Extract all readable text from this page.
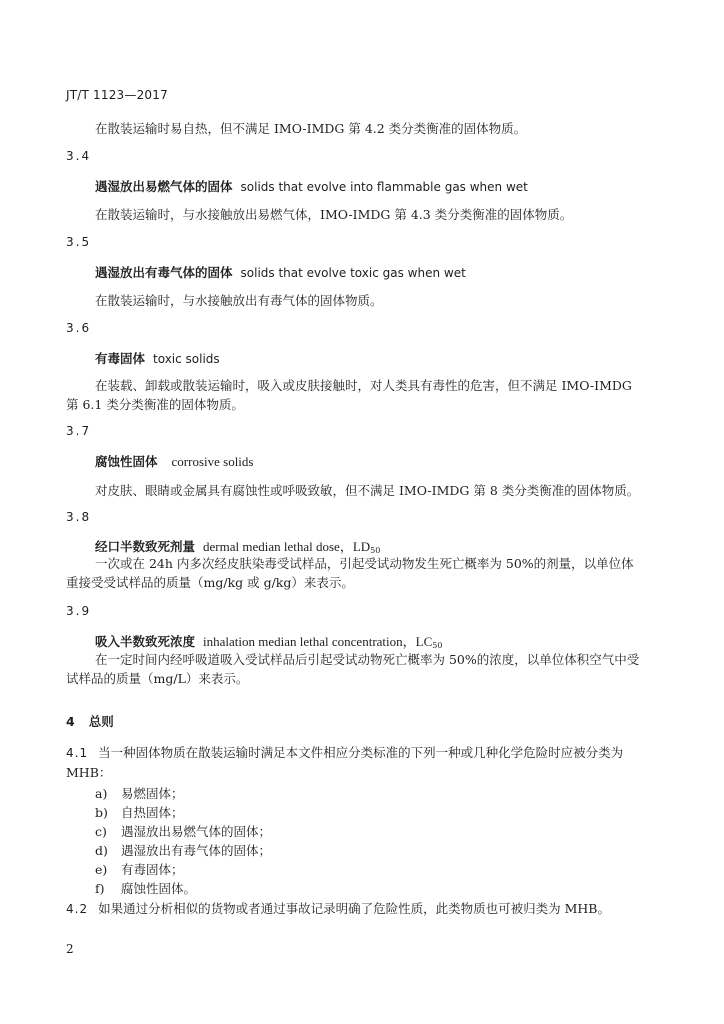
JT/T 1123—2017
在散装运输时易自热，但不满足 IMO-IMDG 第 4.2 类分类衡准的固体物质。
3.4
遇湿放出易燃气体的固体 solids that evolve into flammable gas when wet
在散装运输时，与水接触放出易燃气体，IMO-IMDG 第 4.3 类分类衡准的固体物质。
3.5
遇湿放出有毒气体的固体 solids that evolve toxic gas when wet
在散装运输时，与水接触放出有毒气体的固体物质。
3.6
有毒固体 toxic solids
在装载、卸载或散装运输时，吸入或皮肤接触时，对人类具有毒性的危害，但不满足 IMO-IMDG 第 6.1 类分类衡准的固体物质。
3.7
腐蚀性固体 corrosive solids
对皮肤、眼睛或金属具有腐蚀性或呼吸致敏，但不满足 IMO-IMDG 第 8 类分类衡准的固体物质。
3.8
经口半数致死剂量 dermal median lethal dose，$LD_{50}$
一次或在 24h 内多次经皮肤染毒受试样品，引起受试动物发生死亡概率为 50%的剂量，以单位体重接受受试样品的质量（mg/kg 或 g/kg）来表示。
3.9
吸入半数致死浓度 inhalation median lethal concentration，$LC_{50}$
在一定时间内经呼吸道吸入受试样品后引起受试动物死亡概率为 50%的浓度，以单位体积空气中受试样品的质量（mg/L）来表示。
4 总则
4.1 当一种固体物质在散装运输时满足本文件相应分类标准的下列一种或几种化学危险时应被分类为 MHB：
a) 易燃固体；
b) 自热固体；
c) 遇湿放出易燃气体的固体；
d) 遇湿放出有毒气体的固体；
e) 有毒固体；
f) 腐蚀性固体。
4.2 如果通过分析相似的货物或者通过事故记录明确了危险性质，此类物质也可被归类为 MHB。
2
